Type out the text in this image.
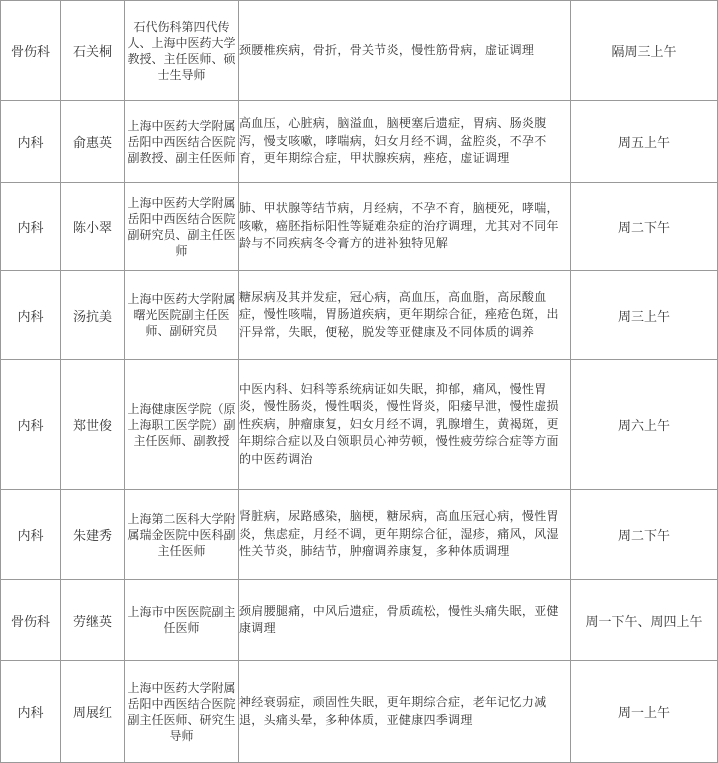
骨伤科	石关桐	石代伤科第四代传人、上海中医药大学教授、主任医师、硕士生导师	颈腰椎疾病，骨折，骨关节炎，慢性筋骨病，虚证调理	隔周三上午
内科	俞惠英	上海中医药大学附属岳阳中西医结合医院副教授、副主任医师	高血压，心脏病，脑溢血，脑梗塞后遗症，胃病、肠炎腹泻，慢支咳嗽，哮喘病，妇女月经不调，盆腔炎，不孕不育，更年期综合症，甲状腺疾病，痤疮，虚证调理	周五上午
内科	陈小翠	上海中医药大学附属岳阳中西医结合医院副研究员、副主任医师	肺、甲状腺等结节病，月经病，不孕不育，脑梗死，哮喘，咳嗽，癌胚指标阳性等疑难杂症的治疗调理，尤其对不同年龄与不同疾病冬令膏方的进补独特见解	周二下午
内科	汤抗美	上海中医药大学附属曙光医院副主任医师、副研究员	糖尿病及其并发症，冠心病，高血压，高血脂，高尿酸血症，慢性咳喘，胃肠道疾病，更年期综合征，痤疮色斑，出汗异常，失眠，便秘，脱发等亚健康及不同体质的调养	周三上午
内科	郑世俊	上海健康医学院（原上海职工医学院）副主任医师、副教授	中医内科、妇科等系统病证如失眠，抑郁，痛风，慢性胃炎，慢性肠炎，慢性咽炎，慢性肾炎，阳痿早泄，慢性虚损性疾病，肿瘤康复，妇女月经不调，乳腺增生，黄褐斑，更年期综合症以及白领职员心神劳顿，慢性疲劳综合症等方面的中医药调治	周六上午
内科	朱建秀	上海第二医科大学附属瑞金医院中医科副主任医师	肾脏病，尿路感染，脑梗，糖尿病，高血压冠心病，慢性胃炎，焦虑症，月经不调，更年期综合征，湿疹，痛风，风湿性关节炎，肺结节，肿瘤调养康复，多种体质调理	周二下午
骨伤科	劳继英	上海市中医医院副主任医师	颈肩腰腿痛，中风后遗症，骨质疏松，慢性头痛失眠，亚健康调理	周一下午、周四上午
内科	周展红	上海中医药大学附属岳阳中西医结合医院副主任医师、研究生导师	神经衰弱症，顽固性失眠，更年期综合症，老年记忆力减退，头痛头晕，多种体质，亚健康四季调理	周一上午
